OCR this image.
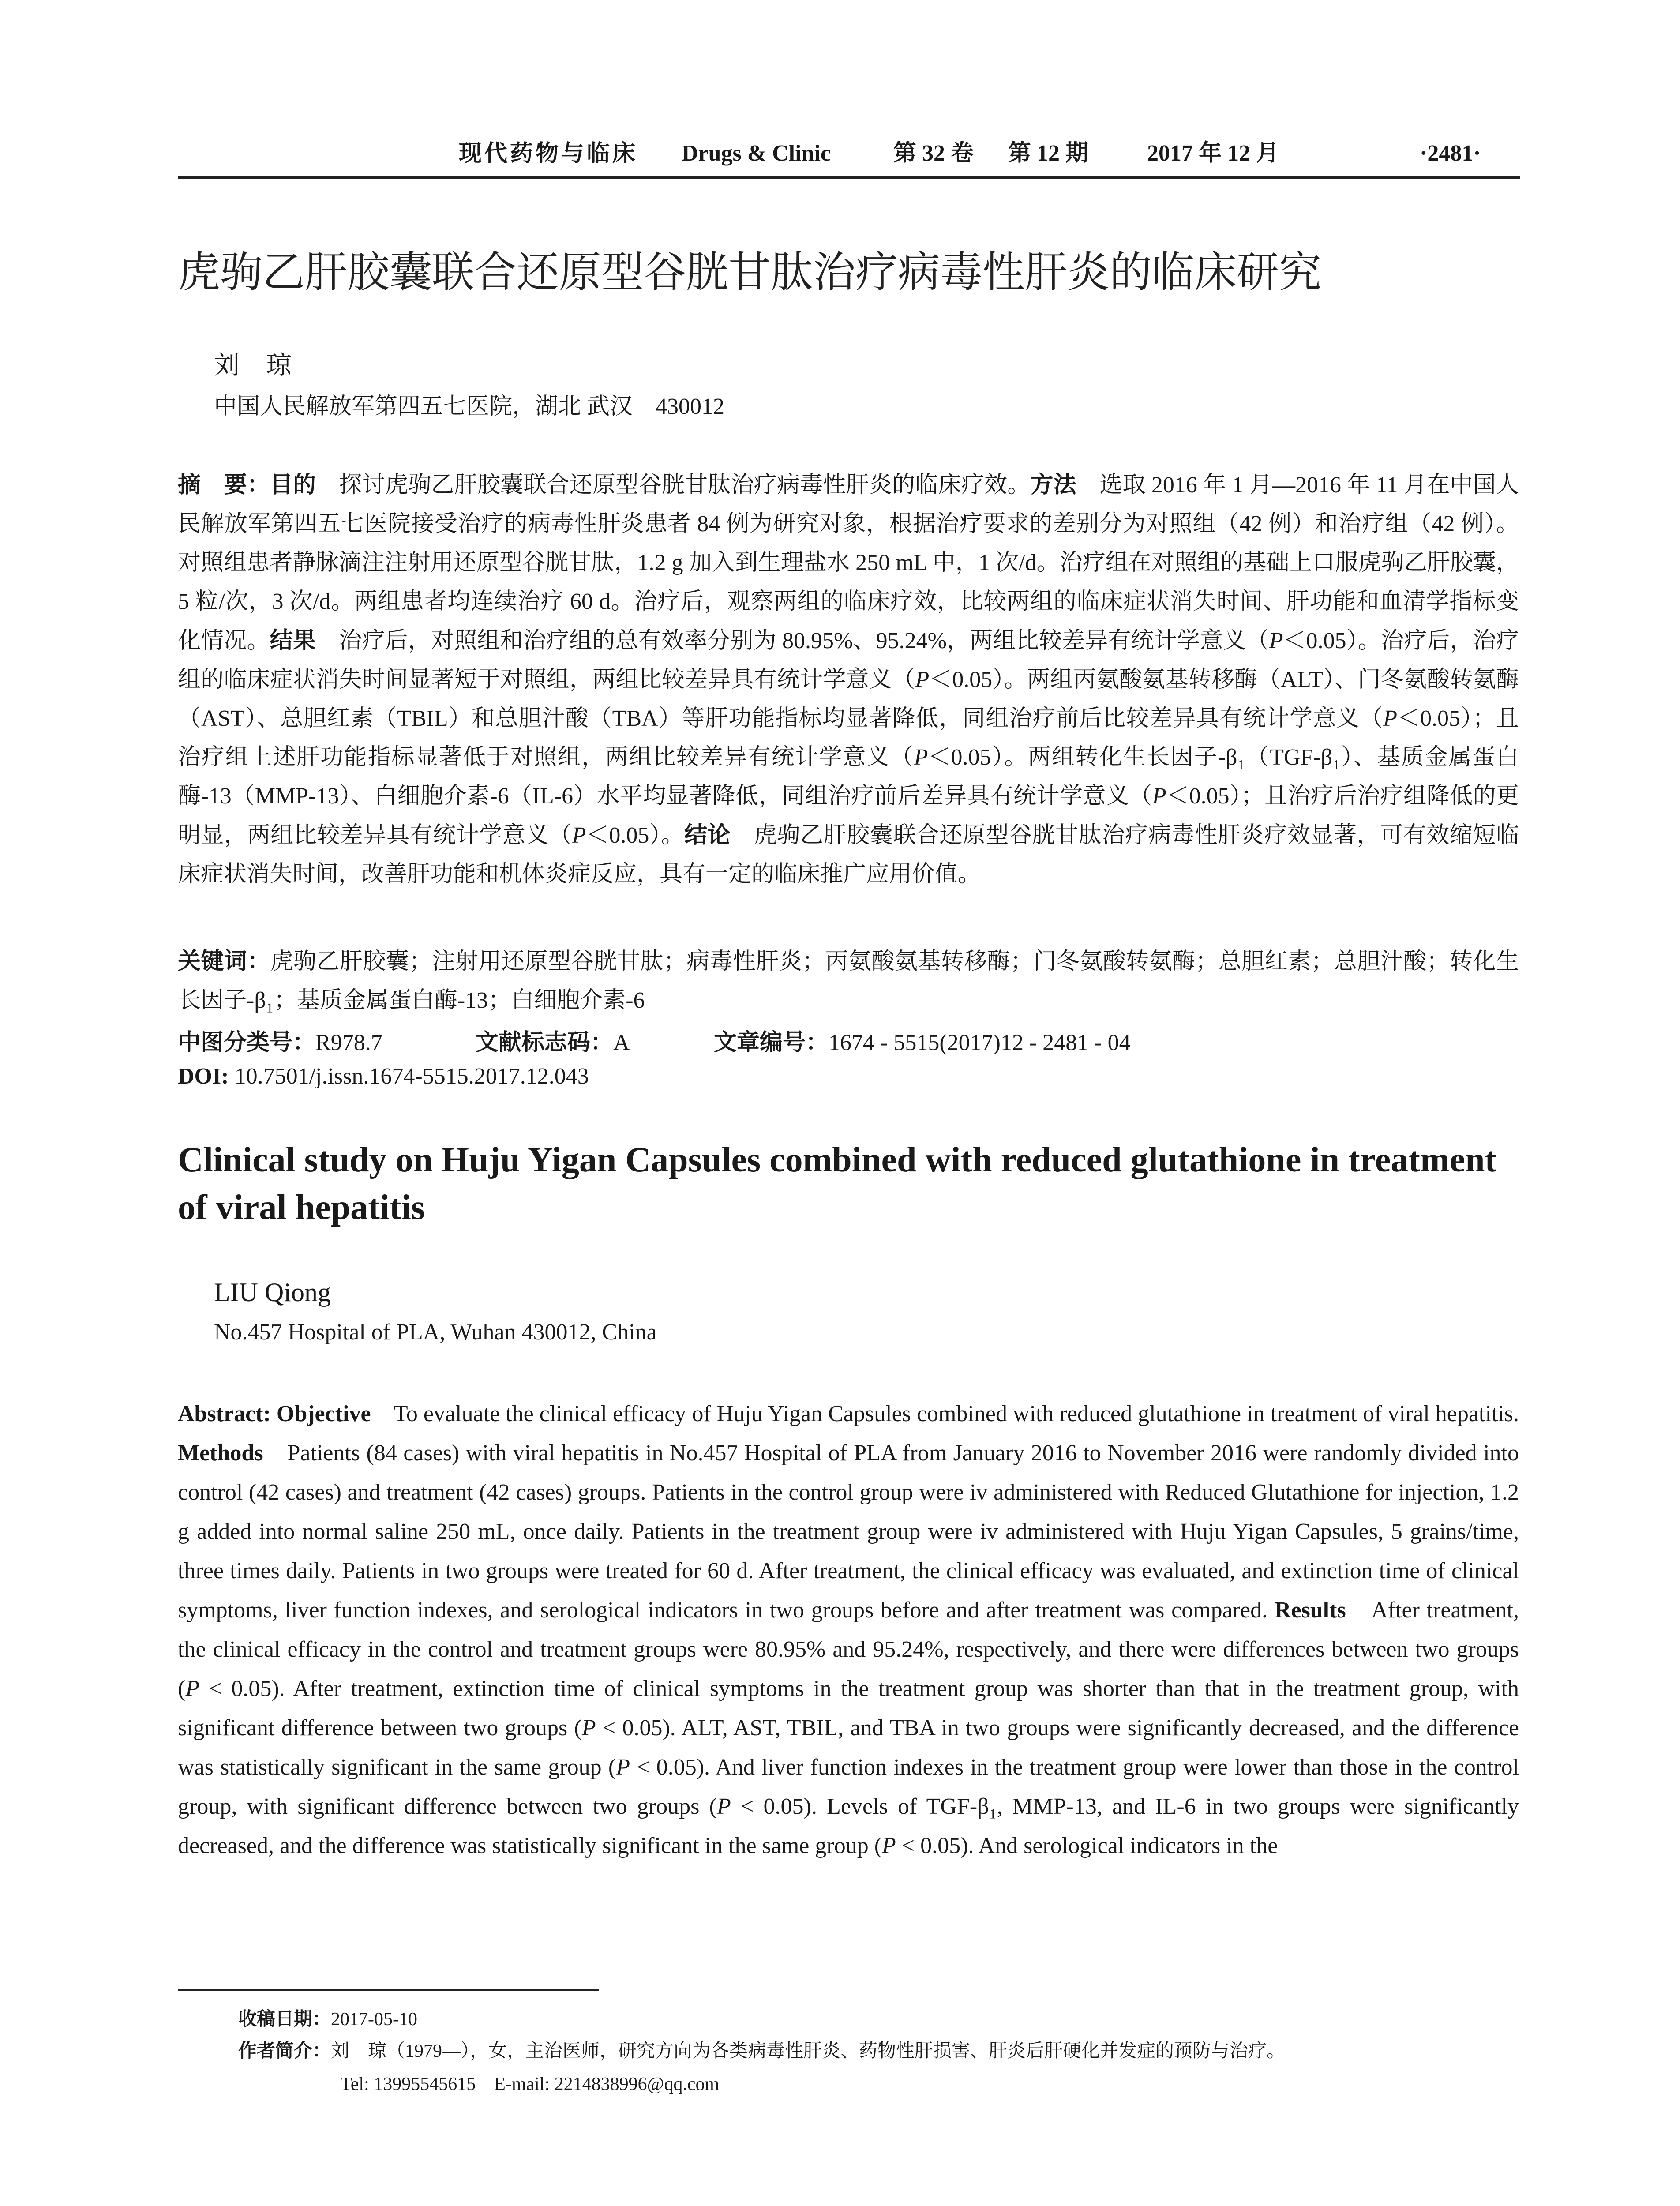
现代药物与临床 Drugs & Clinic	第 32 卷 第 12 期	2017 年 12 月	·2481·
虎驹乙肝胶囊联合还原型谷胱甘肽治疗病毒性肝炎的临床研究
刘琼
中国人民解放军第四五七医院，湖北 武汉　430012
摘　要：目的　探讨虎驹乙肝胶囊联合还原型谷胱甘肽治疗病毒性肝炎的临床疗效。方法　选取 2016 年 1 月—2016 年 11 月在中国人民解放军第四五七医院接受治疗的病毒性肝炎患者 84 例为研究对象，根据治疗要求的差别分为对照组（42 例）和治疗组（42 例）。对照组患者静脉滴注注射用还原型谷胱甘肽，1.2 g 加入到生理盐水 250 mL 中，1 次/d。治疗组在对照组的基础上口服虎驹乙肝胶囊，5 粒/次，3 次/d。两组患者均连续治疗 60 d。治疗后，观察两组的临床疗效，比较两组的临床症状消失时间、肝功能和血清学指标变化情况。结果　治疗后，对照组和治疗组的总有效率分别为 80.95%、95.24%，两组比较差异有统计学意义（P＜0.05）。治疗后，治疗组的临床症状消失时间显著短于对照组，两组比较差异具有统计学意义（P＜0.05）。两组丙氨酸氨基转移酶（ALT）、门冬氨酸转氨酶（AST）、总胆红素（TBIL）和总胆汁酸（TBA）等肝功能指标均显著降低，同组治疗前后比较差异具有统计学意义（P＜0.05）；且治疗组上述肝功能指标显著低于对照组，两组比较差异有统计学意义（P＜0.05）。两组转化生长因子-β₁（TGF-β₁）、基质金属蛋白酶-13（MMP-13）、白细胞介素-6（IL-6）水平均显著降低，同组治疗前后差异具有统计学意义（P＜0.05）；且治疗后治疗组降低的更明显，两组比较差异具有统计学意义（P＜0.05）。结论　虎驹乙肝胶囊联合还原型谷胱甘肽治疗病毒性肝炎疗效显著，可有效缩短临床症状消失时间，改善肝功能和机体炎症反应，具有一定的临床推广应用价值。
关键词：虎驹乙肝胶囊；注射用还原型谷胱甘肽；病毒性肝炎；丙氨酸氨基转移酶；门冬氨酸转氨酶；总胆红素；总胆汁酸；转化生长因子-β₁；基质金属蛋白酶-13；白细胞介素-6
中图分类号：R978.7	文献标志码：A	文章编号：1674 - 5515(2017)12 - 2481 - 04
DOI: 10.7501/j.issn.1674-5515.2017.12.043
Clinical study on Huju Yigan Capsules combined with reduced glutathione in treatment of viral hepatitis
LIU Qiong
No.457 Hospital of PLA, Wuhan 430012, China
Abstract: Objective　To evaluate the clinical efficacy of Huju Yigan Capsules combined with reduced glutathione in treatment of viral hepatitis. Methods　Patients (84 cases) with viral hepatitis in No.457 Hospital of PLA from January 2016 to November 2016 were randomly divided into control (42 cases) and treatment (42 cases) groups. Patients in the control group were iv administered with Reduced Glutathione for injection, 1.2 g added into normal saline 250 mL, once daily. Patients in the treatment group were iv administered with Huju Yigan Capsules, 5 grains/time, three times daily. Patients in two groups were treated for 60 d. After treatment, the clinical efficacy was evaluated, and extinction time of clinical symptoms, liver function indexes, and serological indicators in two groups before and after treatment was compared. Results　After treatment, the clinical efficacy in the control and treatment groups were 80.95% and 95.24%, respectively, and there were differences between two groups (P < 0.05). After treatment, extinction time of clinical symptoms in the treatment group was shorter than that in the treatment group, with significant difference between two groups (P < 0.05). ALT, AST, TBIL, and TBA in two groups were significantly decreased, and the difference was statistically significant in the same group (P < 0.05). And liver function indexes in the treatment group were lower than those in the control group, with significant difference between two groups (P < 0.05). Levels of TGF-β₁, MMP-13, and IL-6 in two groups were significantly decreased, and the difference was statistically significant in the same group (P < 0.05). And serological indicators in the
收稿日期：2017-05-10
作者简介：刘　琼（1979—），女，主治医师，研究方向为各类病毒性肝炎、药物性肝损害、肝炎后肝硬化并发症的预防与治疗。
Tel: 13995545615　E-mail: 2214838996@qq.com
